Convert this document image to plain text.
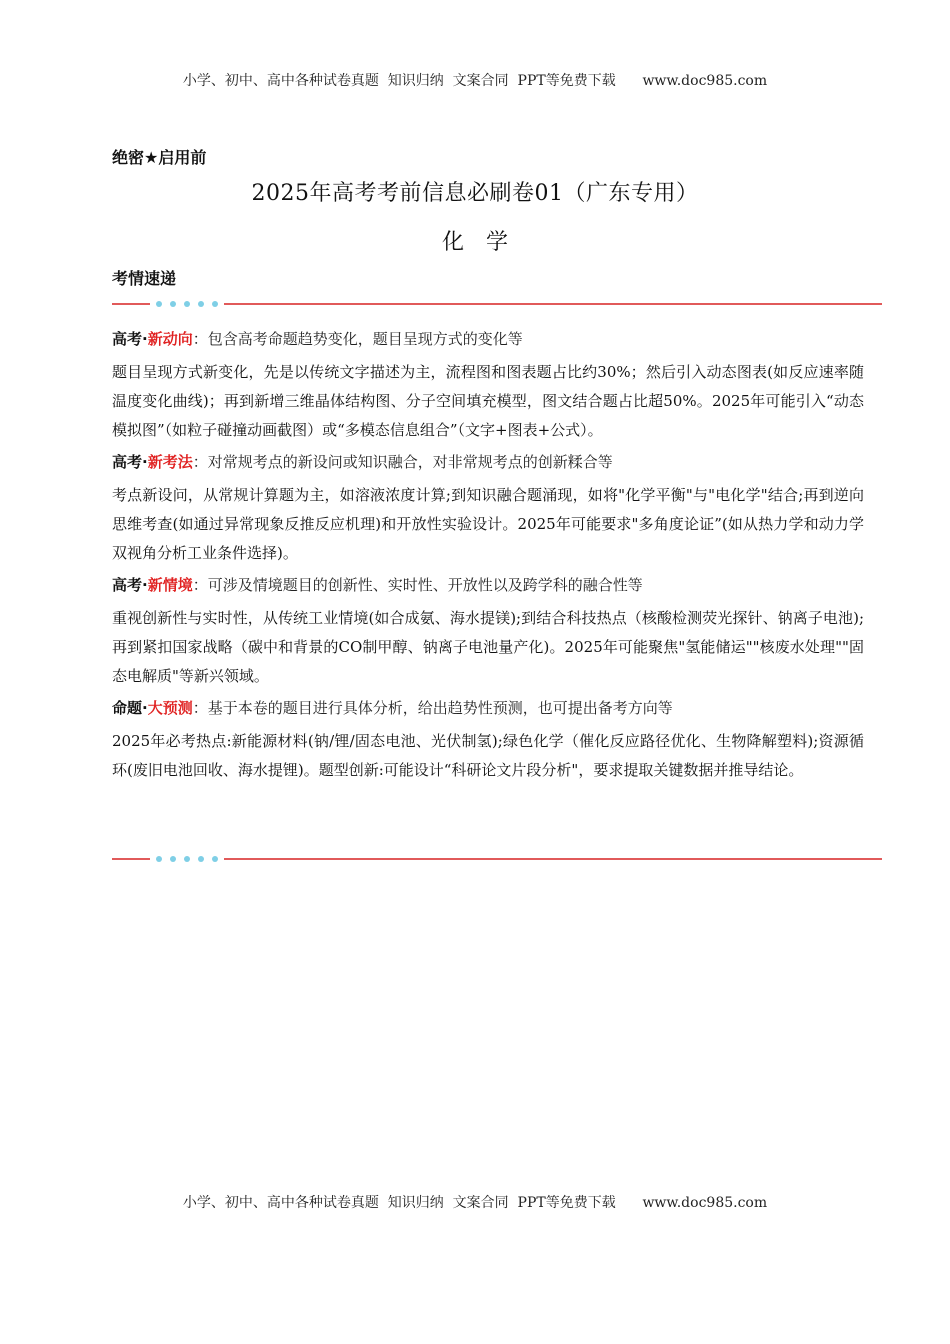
小学、初中、高中各种试卷真题  知识归纳  文案合同  PPT等免费下载      www.doc985.com
绝密★启用前
2025年高考考前信息必刷卷01（广东专用）
化学
考情速递
高考·新动向：包含高考命题趋势变化，题目呈现方式的变化等
题目呈现方式新变化，先是以传统文字描述为主，流程图和图表题占比约30%；然后引入动态图表(如反应速率随温度变化曲线)；再到新增三维晶体结构图、分子空间填充模型，图文结合题占比超50%。2025年可能引入“动态模拟图”（如粒子碰撞动画截图）或“多模态信息组合”（文字+图表+公式）。
高考·新考法：对常规考点的新设问或知识融合，对非常规考点的创新糅合等
考点新设问，从常规计算题为主，如溶液浓度计算;到知识融合题涌现，如将"化学平衡"与"电化学"结合;再到逆向思维考查(如通过异常现象反推反应机理)和开放性实验设计。2025年可能要求"多角度论证”(如从热力学和动力学双视角分析工业条件选择)。
高考·新情境：可涉及情境题目的创新性、实时性、开放性以及跨学科的融合性等
重视创新性与实时性，从传统工业情境(如合成氨、海水提镁);到结合科技热点（核酸检测荧光探针、钠离子电池);再到紧扣国家战略（碳中和背景的CO制甲醇、钠离子电池量产化)。2025年可能聚焦"氢能储运""核废水处理""固态电解质"等新兴领域。
命题·大预测：基于本卷的题目进行具体分析，给出趋势性预测，也可提出备考方向等
2025年必考热点:新能源材料(钠/锂/固态电池、光伏制氢);绿色化学（催化反应路径优化、生物降解塑料);资源循环(废旧电池回收、海水提锂)。题型创新:可能设计“科研论文片段分析"，要求提取关键数据并推导结论。
小学、初中、高中各种试卷真题  知识归纳  文案合同  PPT等免费下载      www.doc985.com
